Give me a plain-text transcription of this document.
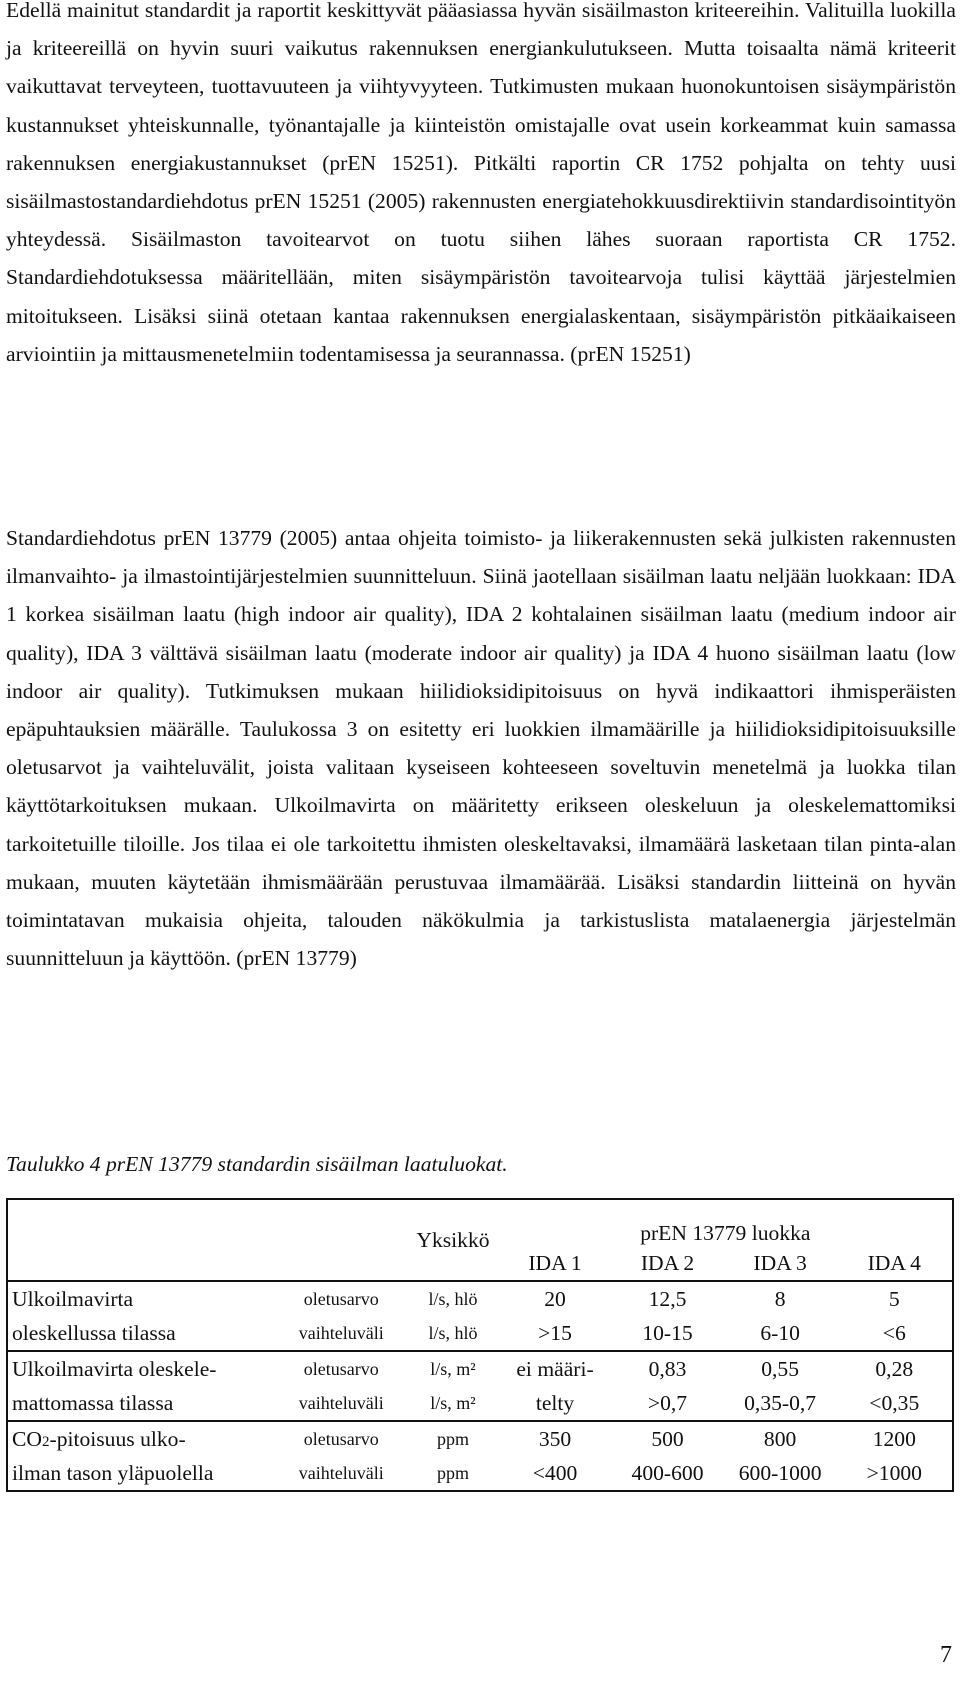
Edellä mainitut standardit ja raportit keskittyvät pääasiassa hyvän sisäilmaston kriteereihin. Valituilla luokilla ja kriteereillä on hyvin suuri vaikutus rakennuksen energiankulutukseen. Mutta toisaalta nämä kriteerit vaikuttavat terveyteen, tuottavuuteen ja viihtyvyyteen. Tutkimusten mukaan huonokuntoisen sisäympäristön kustannukset yhteiskunnalle, työnantajalle ja kiinteistön omistajalle ovat usein korkeammat kuin samassa rakennuksen energiakustannukset (prEN 15251). Pitkälti raportin CR 1752 pohjalta on tehty uusi sisäilmastostandardiehdotus prEN 15251 (2005) rakennusten energiatehokkuusdirektiivin standardisointityön yhteydessä. Sisäilmaston tavoitearvot on tuotu siihen lähes suoraan raportista CR 1752. Standardiehdotuksessa määritellään, miten sisäympäristön tavoitearvoja tulisi käyttää järjestelmien mitoitukseen. Lisäksi siinä otetaan kantaa rakennuksen energialaskentaan, sisäympäristön pitkäaikaiseen arviointiin ja mittausmenetelmiin todentamisessa ja seurannassa. (prEN 15251)

Standardiehdotus prEN 13779 (2005) antaa ohjeita toimisto- ja liikerakennusten sekä julkisten rakennusten ilmanvaihto- ja ilmastointijärjestelmien suunnitteluun. Siinä jaotellaan sisäilman laatu neljään luokkaan: IDA 1 korkea sisäilman laatu (high indoor air quality), IDA 2 kohtalainen sisäilman laatu (medium indoor air quality), IDA 3 välttävä sisäilman laatu (moderate indoor air quality) ja IDA 4 huono sisäilman laatu (low indoor air quality). Tutkimuksen mukaan hiilidioksidipitoisuus on hyvä indikaattori ihmisperäisten epäpuhtauksien määrälle. Taulukossa 3 on esitetty eri luokkien ilmamäärille ja hiilidioksidipitoisuuksille oletusarvot ja vaihteluvälit, joista valitaan kyseiseen kohteeseen soveltuvin menetelmä ja luokka tilan käyttötarkoituksen mukaan. Ulkoilmavirta on määritetty erikseen oleskeluun ja oleskelemattomiksi tarkoitetuille tiloille. Jos tilaa ei ole tarkoitettu ihmisten oleskeltavaksi, ilmamäärä lasketaan tilan pinta-alan mukaan, muuten käytetään ihmismäärään perustuvaa ilmamäärää. Lisäksi standardin liitteinä on hyvän toimintatavan mukaisia ohjeita, talouden näkökulmia ja tarkistuslista matalaenergia järjestelmän suunnitteluun ja käyttöön. (prEN 13779)

Taulukko 4 prEN 13779 standardin sisäilman laatuluokat.

		Yksikkö	prEN 13779 luokka			
			IDA 1	IDA 2	IDA 3	IDA 4
Ulkoilmavirta	oletusarvo	l/s, hlö	20	12,5	8	5
oleskellussa tilassa	vaihteluväli	l/s, hlö	>15	10-15	6-10	<6
Ulkoilmavirta oleskele-	oletusarvo	l/s, m²	ei määri-	0,83	0,55	0,28
mattomassa tilassa	vaihteluväli	l/s, m²	telty	>0,7	0,35-0,7	<0,35
CO2-pitoisuus ulko-	oletusarvo	ppm	350	500	800	1200
ilman tason yläpuolella	vaihteluväli	ppm	<400	400-600	600-1000	>1000
7
